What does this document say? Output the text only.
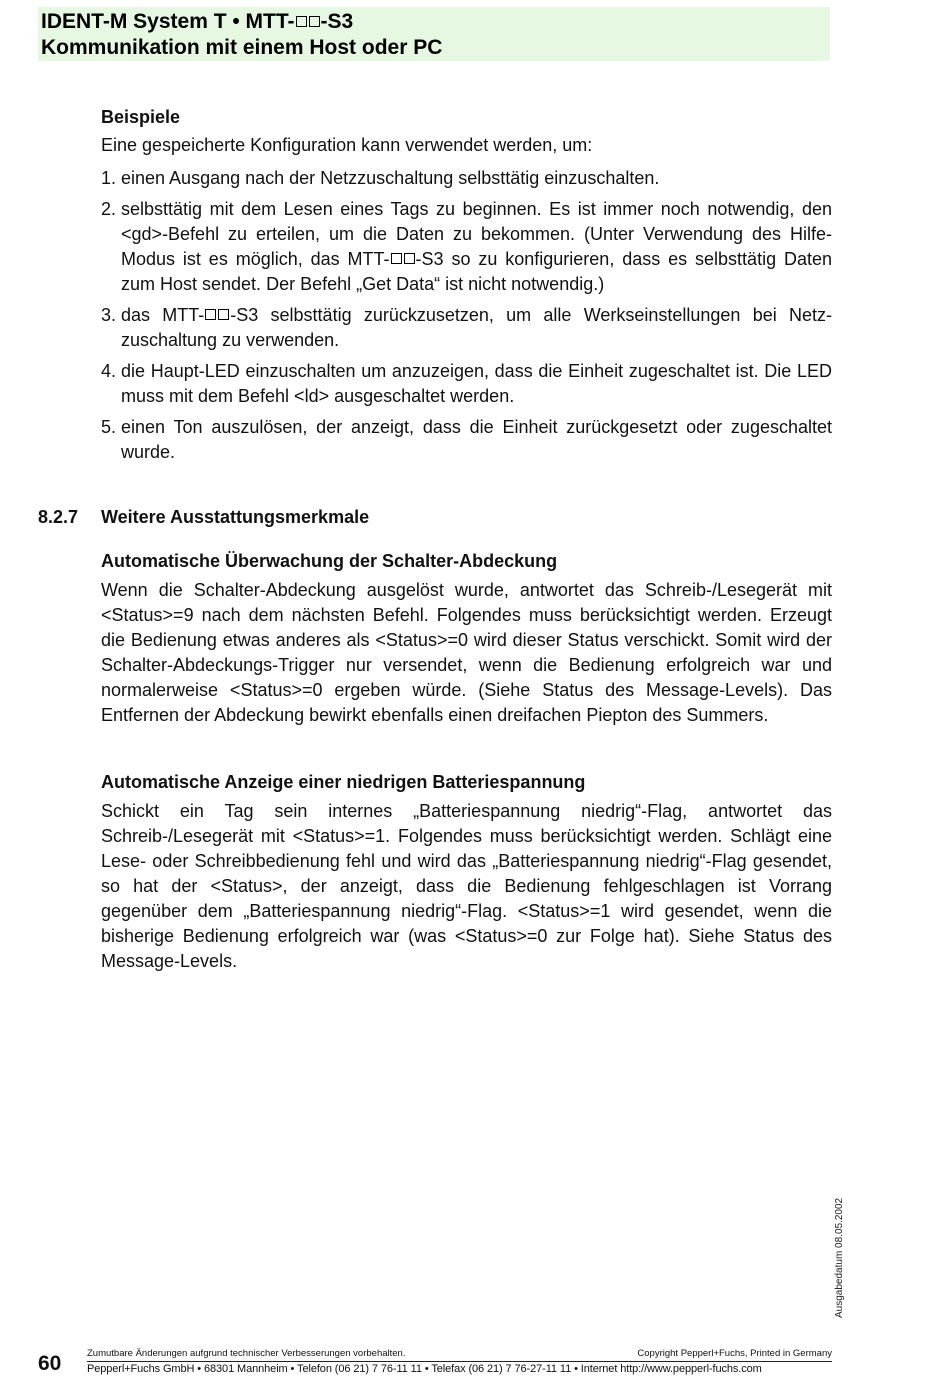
IDENT-M System T • MTT- -S3
Kommunikation mit einem Host oder PC
Beispiele
Eine gespeicherte Konfiguration kann verwendet werden, um:
1. einen Ausgang nach der Netzzuschaltung selbsttätig einzuschalten.
2. selbsttätig mit dem Lesen eines Tags zu beginnen. Es ist immer noch notwendig, den <gd>-Befehl zu erteilen, um die Daten zu bekommen. (Unter Verwendung des Hilfe-Modus ist es möglich, das MTT- -S3 so zu konfigurieren, dass es selbsttätig Daten zum Host sendet. Der Befehl „Get Data“ ist nicht notwendig.)
3. das MTT- -S3 selbsttätig zurückzusetzen, um alle Werkseinstellungen bei Netzzuschaltung zu verwenden.
4. die Haupt-LED einzuschalten um anzuzeigen, dass die Einheit zugeschaltet ist. Die LED muss mit dem Befehl <ld> ausgeschaltet werden.
5. einen Ton auszulösen, der anzeigt, dass die Einheit zurückgesetzt oder zugeschaltet wurde.
8.2.7 Weitere Ausstattungsmerkmale
Automatische Überwachung der Schalter-Abdeckung
Wenn die Schalter-Abdeckung ausgelöst wurde, antwortet das Schreib-/Lesegerät mit <Status>=9 nach dem nächsten Befehl. Folgendes muss berücksichtigt werden. Erzeugt die Bedienung etwas anderes als <Status>=0 wird dieser Status verschickt. Somit wird der Schalter-Abdeckungs-Trigger nur versendet, wenn die Bedienung erfolgreich war und normalerweise <Status>=0 ergeben würde. (Siehe Status des Message-Levels). Das Entfernen der Abdeckung bewirkt ebenfalls einen dreifachen Piepton des Summers.
Automatische Anzeige einer niedrigen Batteriespannung
Schickt ein Tag sein internes „Batteriespannung niedrig“-Flag, antwortet das Schreib-/Lesegerät mit <Status>=1. Folgendes muss berücksichtigt werden. Schlägt eine Lese- oder Schreibbedienung fehl und wird das „Batteriespannung niedrig“-Flag gesendet, so hat der <Status>, der anzeigt, dass die Bedienung fehlgeschlagen ist Vorrang gegenüber dem „Batteriespannung niedrig“-Flag. <Status>=1 wird gesendet, wenn die bisherige Bedienung erfolgreich war (was <Status>=0 zur Folge hat). Siehe Status des Message-Levels.
Ausgabedatum 08.05.2002
Zumutbare Änderungen aufgrund technischer Verbesserungen vorbehalten.	Copyright Pepperl+Fuchs, Printed in Germany
Pepperl+Fuchs GmbH • 68301 Mannheim • Telefon (06 21) 7 76-11 11 • Telefax (06 21) 7 76-27-11 11 • Internet http://www.pepperl-fuchs.com
60
